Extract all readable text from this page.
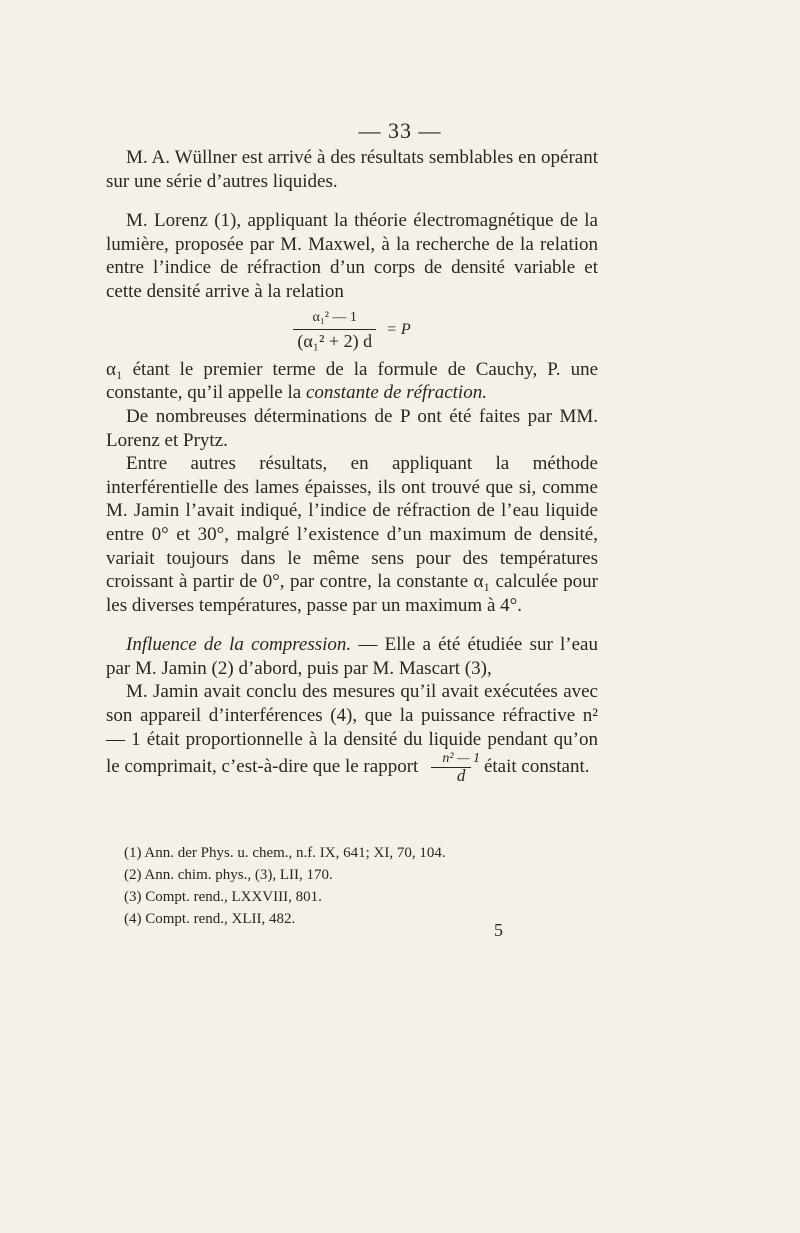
— 33 —

M. A. Wüllner est arrivé à des résultats semblables en opérant sur une série d’autres liquides.

M. Lorenz (1), appliquant la théorie électromagnétique de la lumière, proposée par M. Maxwel, à la recherche de la relation entre l’indice de réfraction d’un corps de densité variable et cette densité arrive à la relation

$\frac{\text{α₁² — 1}}{\text{(α₁² + 2) d}} = P$

α₁ étant le premier terme de la formule de Cauchy, P. une constante, qu’il appelle la constante de réfraction.

De nombreuses déterminations de P ont été faites par MM. Lorenz et Prytz.

Entre autres résultats, en appliquant la méthode interférentielle des lames épaisses, ils ont trouvé que si, comme M. Jamin l’avait indiqué, l’indice de réfraction de l’eau liquide entre 0° et 30°, malgré l’existence d’un maximum de densité, variait toujours dans le même sens pour des températures croissant à partir de 0°, par contre, la constante α₁ calculée pour les diverses températures, passe par un maximum à 4°.

Influence de la compression. — Elle a été étudiée sur l’eau par M. Jamin (2) d’abord, puis par M. Mascart (3),

M. Jamin avait conclu des mesures qu’il avait exécutées avec son appareil d’interférences (4), que la puissance réfractive n² — 1 était proportionnelle à la densité du liquide pendant qu’on le comprimait, c’est-à-dire que le rapport $\frac{\text{n² — 1}}{d}$ était constant.

(1) Ann. der Phys. u. chem., n.f. IX, 641; XI, 70, 104.
(2) Ann. chim. phys., (3), LII, 170.
(3) Compt. rend., LXXVIII, 801.
(4) Compt. rend., XLII, 482.
5
